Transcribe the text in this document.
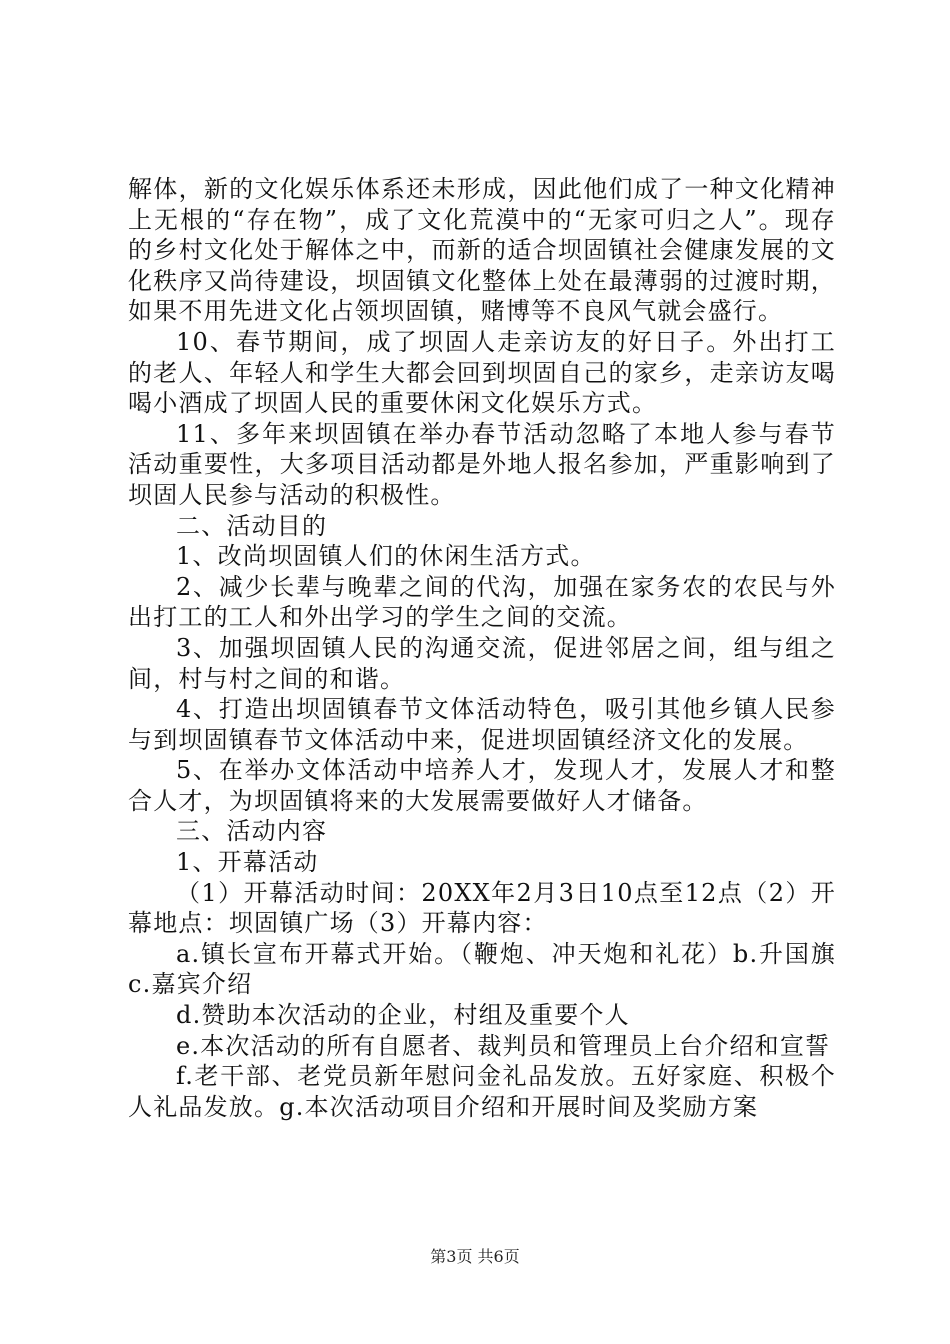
解体，新的文化娱乐体系还未形成，因此他们成了一种文化精神上无根的“存在物”，成了文化荒漠中的“无家可归之人”。现存的乡村文化处于解体之中，而新的适合坝固镇社会健康发展的文化秩序又尚待建设，坝固镇文化整体上处在最薄弱的过渡时期，如果不用先进文化占领坝固镇，赌博等不良风气就会盛行。

10、春节期间，成了坝固人走亲访友的好日子。外出打工的老人、年轻人和学生大都会回到坝固自己的家乡，走亲访友喝喝小酒成了坝固人民的重要休闲文化娱乐方式。

11、多年来坝固镇在举办春节活动忽略了本地人参与春节活动重要性，大多项目活动都是外地人报名参加，严重影响到了坝固人民参与活动的积极性。

二、活动目的

1、改尚坝固镇人们的休闲生活方式。

2、减少长辈与晚辈之间的代沟，加强在家务农的农民与外出打工的工人和外出学习的学生之间的交流。

3、加强坝固镇人民的沟通交流，促进邻居之间，组与组之间，村与村之间的和谐。

4、打造出坝固镇春节文体活动特色，吸引其他乡镇人民参与到坝固镇春节文体活动中来，促进坝固镇经济文化的发展。

5、在举办文体活动中培养人才，发现人才，发展人才和整合人才，为坝固镇将来的大发展需要做好人才储备。

三、活动内容

1、开幕活动

（1）开幕活动时间：20XX年2月3日10点至12点（2）开幕地点：坝固镇广场（3）开幕内容：

a.镇长宣布开幕式开始。（鞭炮、冲天炮和礼花）b.升国旗c.嘉宾介绍

d.赞助本次活动的企业，村组及重要个人

e.本次活动的所有自愿者、裁判员和管理员上台介绍和宣誓

f.老干部、老党员新年慰问金礼品发放。五好家庭、积极个人礼品发放。g.本次活动项目介绍和开展时间及奖励方案

第3页 共6页
